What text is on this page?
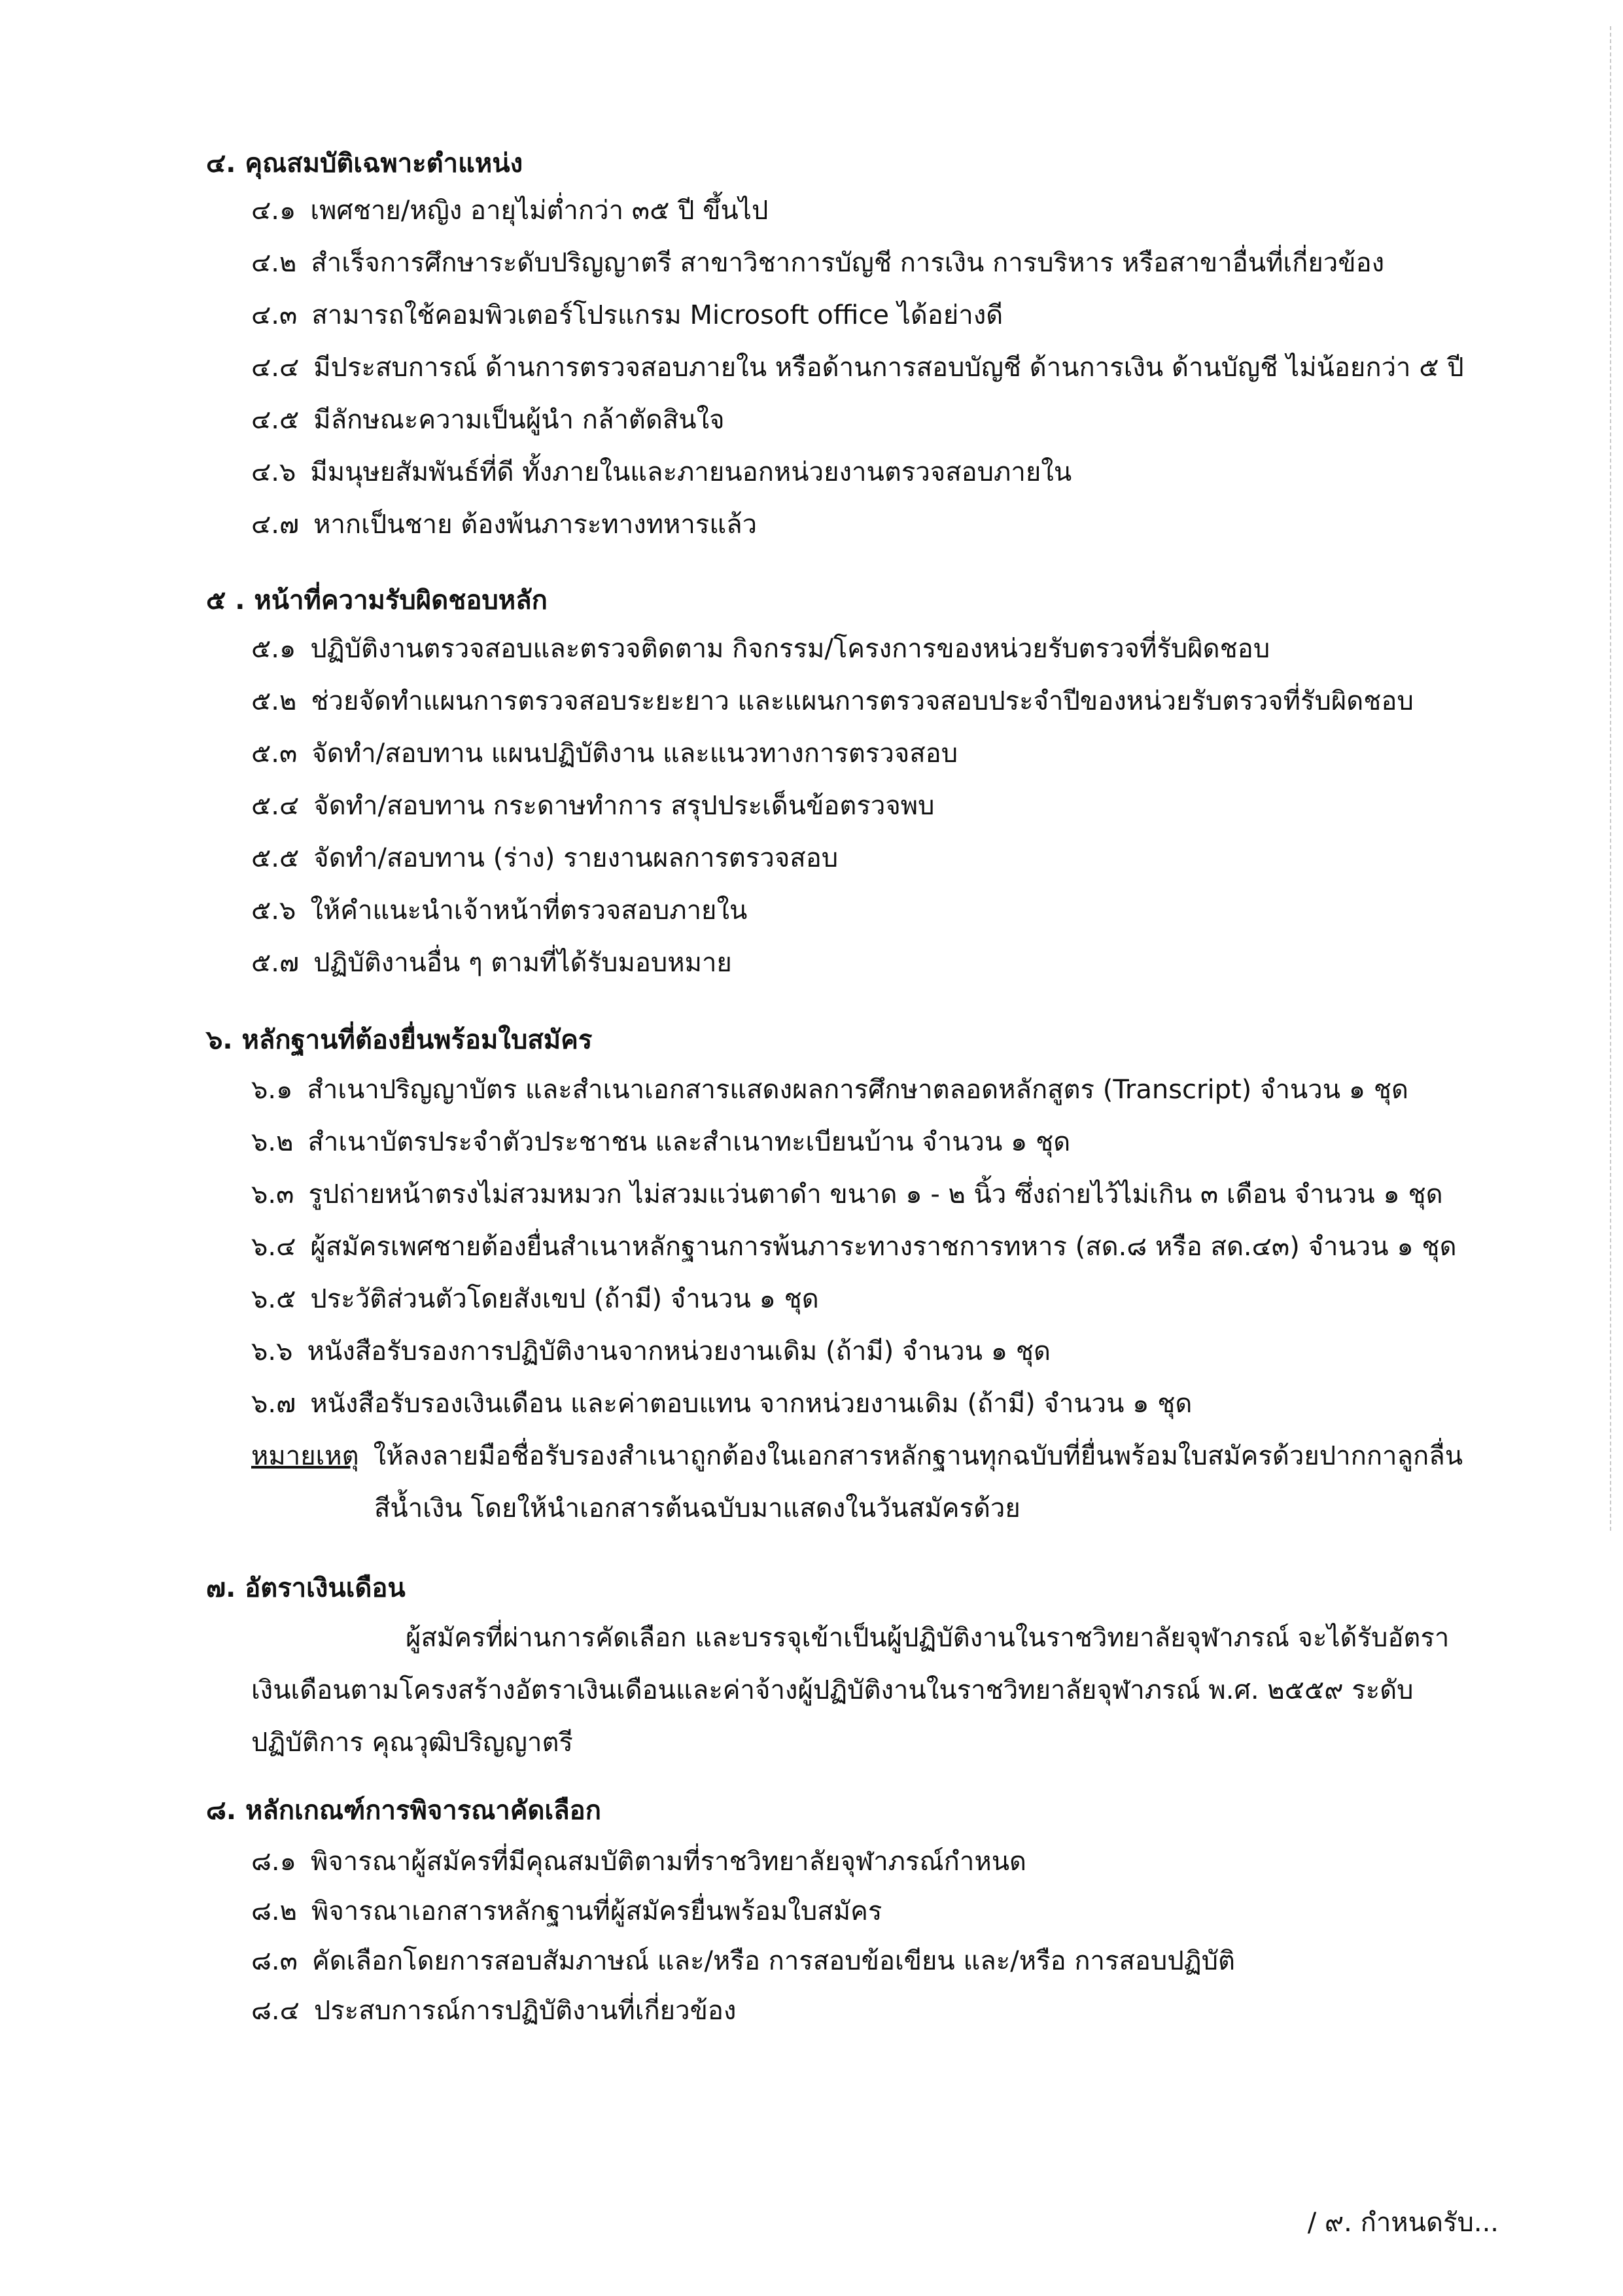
๔. คุณสมบัติเฉพาะตำแหน่ง
๔.๑ เพศชาย/หญิง อายุไม่ต่ำกว่า ๓๕ ปี ขึ้นไป
๔.๒ สำเร็จการศึกษาระดับปริญญาตรี สาขาวิชาการบัญชี การเงิน การบริหาร หรือสาขาอื่นที่เกี่ยวข้อง
๔.๓ สามารถใช้คอมพิวเตอร์โปรแกรม Microsoft office ได้อย่างดี
๔.๔ มีประสบการณ์ ด้านการตรวจสอบภายใน หรือด้านการสอบบัญชี ด้านการเงิน ด้านบัญชี ไม่น้อยกว่า ๕ ปี
๔.๕ มีลักษณะความเป็นผู้นำ กล้าตัดสินใจ
๔.๖ มีมนุษยสัมพันธ์ที่ดี ทั้งภายในและภายนอกหน่วยงานตรวจสอบภายใน
๔.๗ หากเป็นชาย ต้องพ้นภาระทางทหารแล้ว
๕ . หน้าที่ความรับผิดชอบหลัก
๕.๑ ปฏิบัติงานตรวจสอบและตรวจติดตาม กิจกรรม/โครงการของหน่วยรับตรวจที่รับผิดชอบ
๕.๒ ช่วยจัดทำแผนการตรวจสอบระยะยาว และแผนการตรวจสอบประจำปีของหน่วยรับตรวจที่รับผิดชอบ
๕.๓ จัดทำ/สอบทาน แผนปฏิบัติงาน และแนวทางการตรวจสอบ
๕.๔ จัดทำ/สอบทาน กระดาษทำการ สรุปประเด็นข้อตรวจพบ
๕.๕ จัดทำ/สอบทาน (ร่าง) รายงานผลการตรวจสอบ
๕.๖ ให้คำแนะนำเจ้าหน้าที่ตรวจสอบภายใน
๕.๗ ปฏิบัติงานอื่น ๆ ตามที่ได้รับมอบหมาย
๖. หลักฐานที่ต้องยื่นพร้อมใบสมัคร
๖.๑ สำเนาปริญญาบัตร และสำเนาเอกสารแสดงผลการศึกษาตลอดหลักสูตร (Transcript) จำนวน ๑ ชุด
๖.๒ สำเนาบัตรประจำตัวประชาชน และสำเนาทะเบียนบ้าน จำนวน ๑ ชุด
๖.๓ รูปถ่ายหน้าตรงไม่สวมหมวก ไม่สวมแว่นตาดำ ขนาด ๑ - ๒ นิ้ว ซึ่งถ่ายไว้ไม่เกิน ๓ เดือน จำนวน ๑ ชุด
๖.๔ ผู้สมัครเพศชายต้องยื่นสำเนาหลักฐานการพ้นภาระทางราชการทหาร (สด.๘ หรือ สด.๔๓) จำนวน ๑ ชุด
๖.๕ ประวัติส่วนตัวโดยสังเขป (ถ้ามี) จำนวน ๑ ชุด
๖.๖ หนังสือรับรองการปฏิบัติงานจากหน่วยงานเดิม (ถ้ามี) จำนวน ๑ ชุด
๖.๗ หนังสือรับรองเงินเดือน และค่าตอบแทน จากหน่วยงานเดิม (ถ้ามี) จำนวน ๑ ชุด
หมายเหตุ ให้ลงลายมือชื่อรับรองสำเนาถูกต้องในเอกสารหลักฐานทุกฉบับที่ยื่นพร้อมใบสมัครด้วยปากกาลูกลื่น
สีน้ำเงิน โดยให้นำเอกสารต้นฉบับมาแสดงในวันสมัครด้วย
๗. อัตราเงินเดือน
ผู้สมัครที่ผ่านการคัดเลือก และบรรจุเข้าเป็นผู้ปฏิบัติงานในราชวิทยาลัยจุฬาภรณ์ จะได้รับอัตรา
เงินเดือนตามโครงสร้างอัตราเงินเดือนและค่าจ้างผู้ปฏิบัติงานในราชวิทยาลัยจุฬาภรณ์ พ.ศ. ๒๕๕๙ ระดับ
ปฏิบัติการ คุณวุฒิปริญญาตรี
๘. หลักเกณฑ์การพิจารณาคัดเลือก
๘.๑ พิจารณาผู้สมัครที่มีคุณสมบัติตามที่ราชวิทยาลัยจุฬาภรณ์กำหนด
๘.๒ พิจารณาเอกสารหลักฐานที่ผู้สมัครยื่นพร้อมใบสมัคร
๘.๓ คัดเลือกโดยการสอบสัมภาษณ์ และ/หรือ การสอบข้อเขียน และ/หรือ การสอบปฏิบัติ
๘.๔ ประสบการณ์การปฏิบัติงานที่เกี่ยวข้อง
/ ๙. กำหนดรับ...
